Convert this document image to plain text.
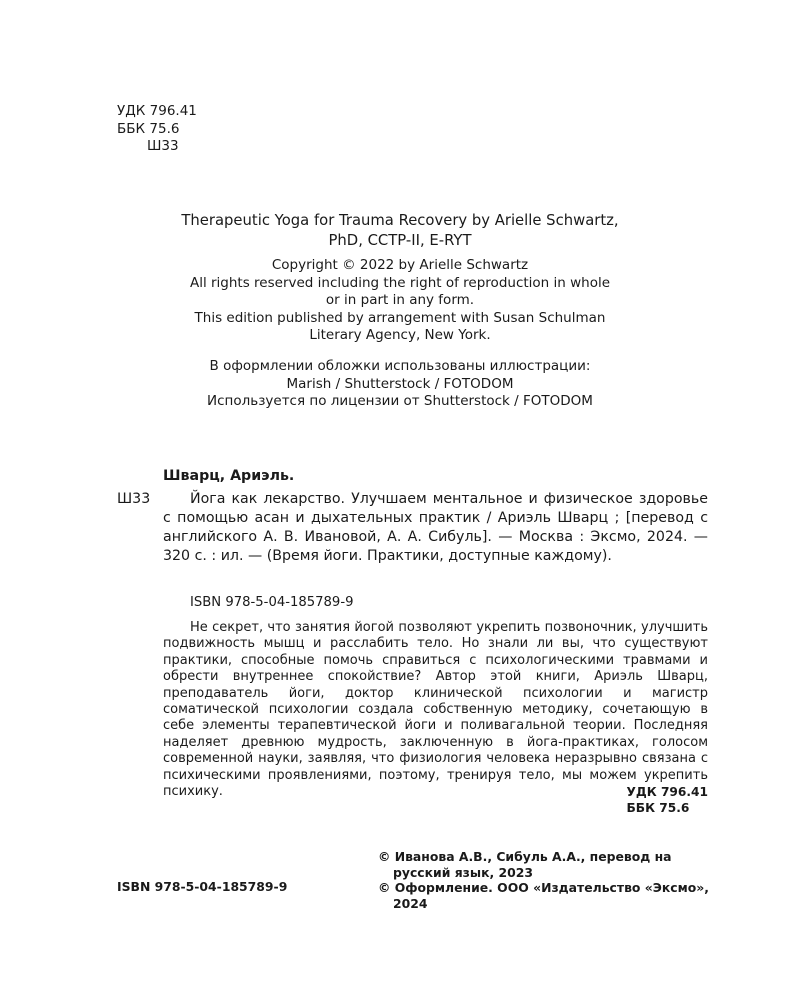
УДК 796.41
ББК 75.6
Ш33
Therapeutic Yoga for Trauma Recovery by Arielle Schwartz,
PhD, CCTP-II, E-RYT
Copyright © 2022 by Arielle Schwartz
All rights reserved including the right of reproduction in whole
or in part in any form.
This edition published by arrangement with Susan Schulman
Literary Agency, New York.
В оформлении обложки использованы иллюстрации:
Marish / Shutterstock / FOTODOM
Используется по лицензии от Shutterstock / FOTODOM
Шварц, Ариэль.
Ш33	Йога как лекарство. Улучшаем ментальное и физическое здоровье с помощью асан и дыхательных практик / Ариэль Шварц ; [перевод с английского А. В. Ивановой, А. А. Сибуль]. — Москва : Эксмо, 2024. — 320 с. : ил. — (Время йоги. Практики, доступные каждому).
ISBN 978-5-04-185789-9
Не секрет, что занятия йогой позволяют укрепить позвоночник, улучшить подвижность мышц и расслабить тело. Но знали ли вы, что существуют практики, способные помочь справиться с психологическими травмами и обрести внутреннее спокойствие? Автор этой книги, Ариэль Шварц, преподаватель йоги, доктор клинической психологии и магистр соматической психологии создала собственную методику, сочетающую в себе элементы терапевтической йоги и поливагальной теории. Последняя наделяет древнюю мудрость, заключенную в йога-практиках, голосом современной науки, заявляя, что физиология человека неразрывно связана с психическими проявлениями, поэтому, тренируя тело, мы можем укрепить психику.	УДК 796.41
ББК 75.6
ISBN 978-5-04-185789-9
© Иванова А.В., Сибуль А.А., перевод на русский язык, 2023
© Оформление. ООО «Издательство «Эксмо», 2024
